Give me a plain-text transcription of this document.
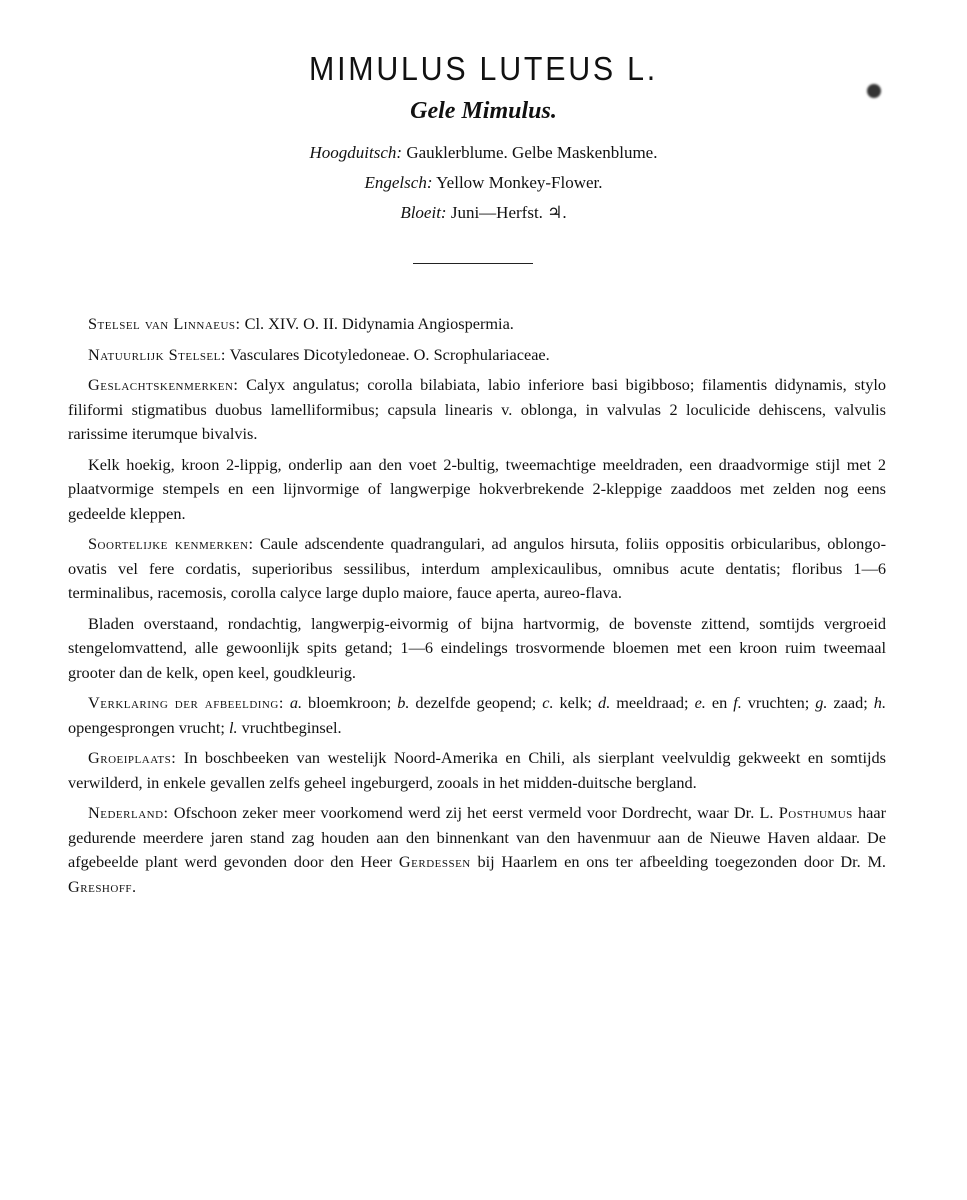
MIMULUS LUTEUS L.
Gele Mimulus.
Hoogduitsch: Gauklerblume. Gelbe Maskenblume.
Engelsch: Yellow Monkey-Flower.
Bloeit: Juni—Herfst. ♃.

Stelsel van Linnaeus: Cl. XIV. O. II. Didynamia Angiospermia.

Natuurlijk Stelsel: Vasculares Dicotyledoneae. O. Scrophulariaceae.

Geslachtskenmerken: Calyx angulatus; corolla bilabiata, labio inferiore basi bigibboso; filamentis didynamis, stylo filiformi stigmatibus duobus lamelliformibus; capsula linearis v. oblonga, in valvulas 2 loculicide dehiscens, valvulis rarissime iterumque bivalvis.

Kelk hoekig, kroon 2-lippig, onderlip aan den voet 2-bultig, tweemachtige meeldraden, een draadvormige stijl met 2 plaatvormige stempels en een lijnvormige of langwerpige hokverbrekende 2-kleppige zaaddoos met zelden nog eens gedeelde kleppen.

Soortelijke kenmerken: Caule adscendente quadrangulari, ad angulos hirsuta, foliis oppositis orbicularibus, oblongo-ovatis vel fere cordatis, superioribus sessilibus, interdum amplexicaulibus, omnibus acute dentatis; floribus 1—6 terminalibus, racemosis, corolla calyce large duplo maiore, fauce aperta, aureo-flava.

Bladen overstaand, rondachtig, langwerpig-eivormig of bijna hartvormig, de bovenste zittend, somtijds vergroeid stengelomvattend, alle gewoonlijk spits getand; 1—6 eindelings trosvormende bloemen met een kroon ruim tweemaal grooter dan de kelk, open keel, goudkleurig.

Verklaring der afbeelding: a. bloemkroon; b. dezelfde geopend; c. kelk; d. meeldraad; e. en f. vruchten; g. zaad; h. opengesprongen vrucht; l. vruchtbeginsel.

Groeiplaats: In boschbeeken van westelijk Noord-Amerika en Chili, als sierplant veelvuldig gekweekt en somtijds verwilderd, in enkele gevallen zelfs geheel ingeburgerd, zooals in het midden-duitsche bergland.

Nederland: Ofschoon zeker meer voorkomend werd zij het eerst vermeld voor Dordrecht, waar Dr. L. Posthumus haar gedurende meerdere jaren stand zag houden aan den binnenkant van den havenmuur aan de Nieuwe Haven aldaar. De afgebeelde plant werd gevonden door den Heer Gerdessen bij Haarlem en ons ter afbeelding toegezonden door Dr. M. Greshoff.
